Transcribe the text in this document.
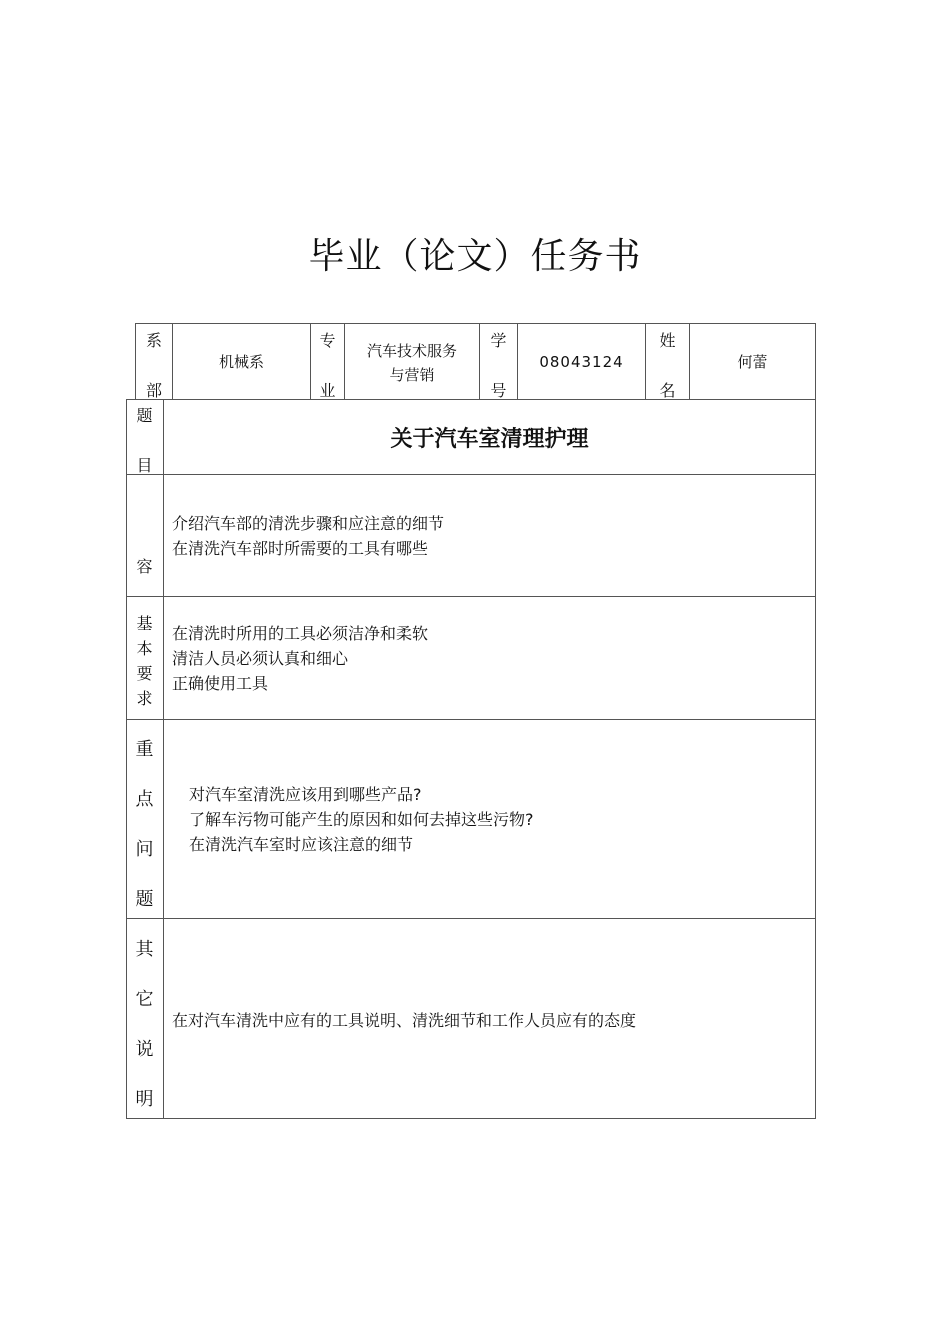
毕业（论文）任务书
系
部
机械系
专
业
汽车技术服务
与营销
学
号
08043124
姓
名
何蕾
题
目
关于汽车室清理护理
容
介绍汽车部的清洗步骤和应注意的细节
在清洗汽车部时所需要的工具有哪些
基
本
要
求
在清洗时所用的工具必须洁净和柔软
清洁人员必须认真和细心
正确使用工具
重
点
问
题
对汽车室清洗应该用到哪些产品?
了解车污物可能产生的原因和如何去掉这些污物?
在清洗汽车室时应该注意的细节
其
它
说
明
在对汽车清洗中应有的工具说明、清洗细节和工作人员应有的态度
